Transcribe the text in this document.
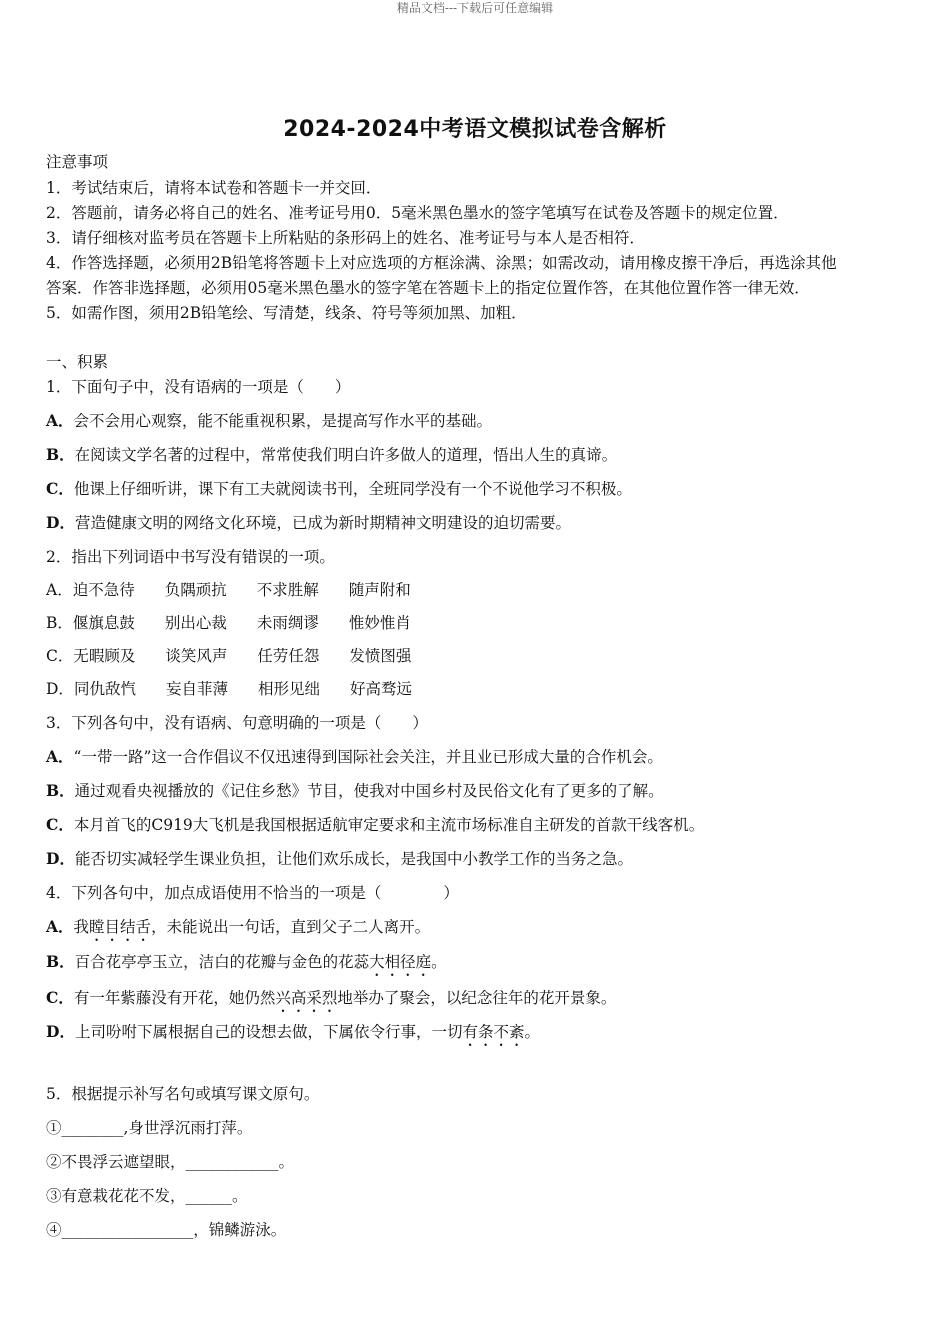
精品文档---下载后可任意编辑
2024-2024中考语文模拟试卷含解析
注意事项
1．考试结束后，请将本试卷和答题卡一并交回．
2．答题前，请务必将自己的姓名、准考证号用0．5毫米黑色墨水的签字笔填写在试卷及答题卡的规定位置．
3．请仔细核对监考员在答题卡上所粘贴的条形码上的姓名、准考证号与本人是否相符．
4．作答选择题，必须用2B铅笔将答题卡上对应选项的方框涂满、涂黑；如需改动，请用橡皮擦干净后，再选涂其他
答案．作答非选择题，必须用05毫米黑色墨水的签字笔在答题卡上的指定位置作答，在其他位置作答一律无效．
5．如需作图，须用2B铅笔绘、写清楚，线条、符号等须加黑、加粗．
一、积累
1．下面句子中，没有语病的一项是（　　）
A．会不会用心观察，能不能重视积累，是提高写作水平的基础。
B．在阅读文学名著的过程中，常常使我们明白许多做人的道理，悟出人生的真谛。
C．他课上仔细听讲，课下有工夫就阅读书刊，全班同学没有一个不说他学习不积极。
D．营造健康文明的网络文化环境，已成为新时期精神文明建设的迫切需要。
2．指出下列词语中书写没有错误的一项。
A．迫不急待 负隅顽抗 不求胜解 随声附和
B．偃旗息鼓 别出心裁 未雨绸谬 惟妙惟肖
C．无暇顾及 谈笑风声 任劳任怨 发愤图强
D．同仇敌忾 妄自菲薄 相形见绌 好高骛远
3．下列各句中，没有语病、句意明确的一项是（　　）
A．“一带一路”这一合作倡议不仅迅速得到国际社会关注，并且业已形成大量的合作机会。
B．通过观看央视播放的《记住乡愁》节目，使我对中国乡村及民俗文化有了更多的了解。
C．本月首飞的C919大飞机是我国根据适航审定要求和主流市场标准自主研发的首款干线客机。
D．能否切实减轻学生课业负担，让他们欢乐成长，是我国中小教学工作的当务之急。
4．下列各句中，加点成语使用不恰当的一项是（　　　　）
A．我瞠目结舌，未能说出一句话，直到父子二人离开。
B．百合花亭亭玉立，洁白的花瓣与金色的花蕊大相径庭。
C．有一年紫藤没有开花，她仍然兴高采烈地举办了聚会，以纪念往年的花开景象。
D．上司吩咐下属根据自己的设想去做，下属依令行事，一切有条不紊。
5．根据提示补写名句或填写课文原句。
①________,身世浮沉雨打萍。
②不畏浮云遮望眼，____________。
③有意栽花花不发，______。
④_________________，锦鳞游泳。
